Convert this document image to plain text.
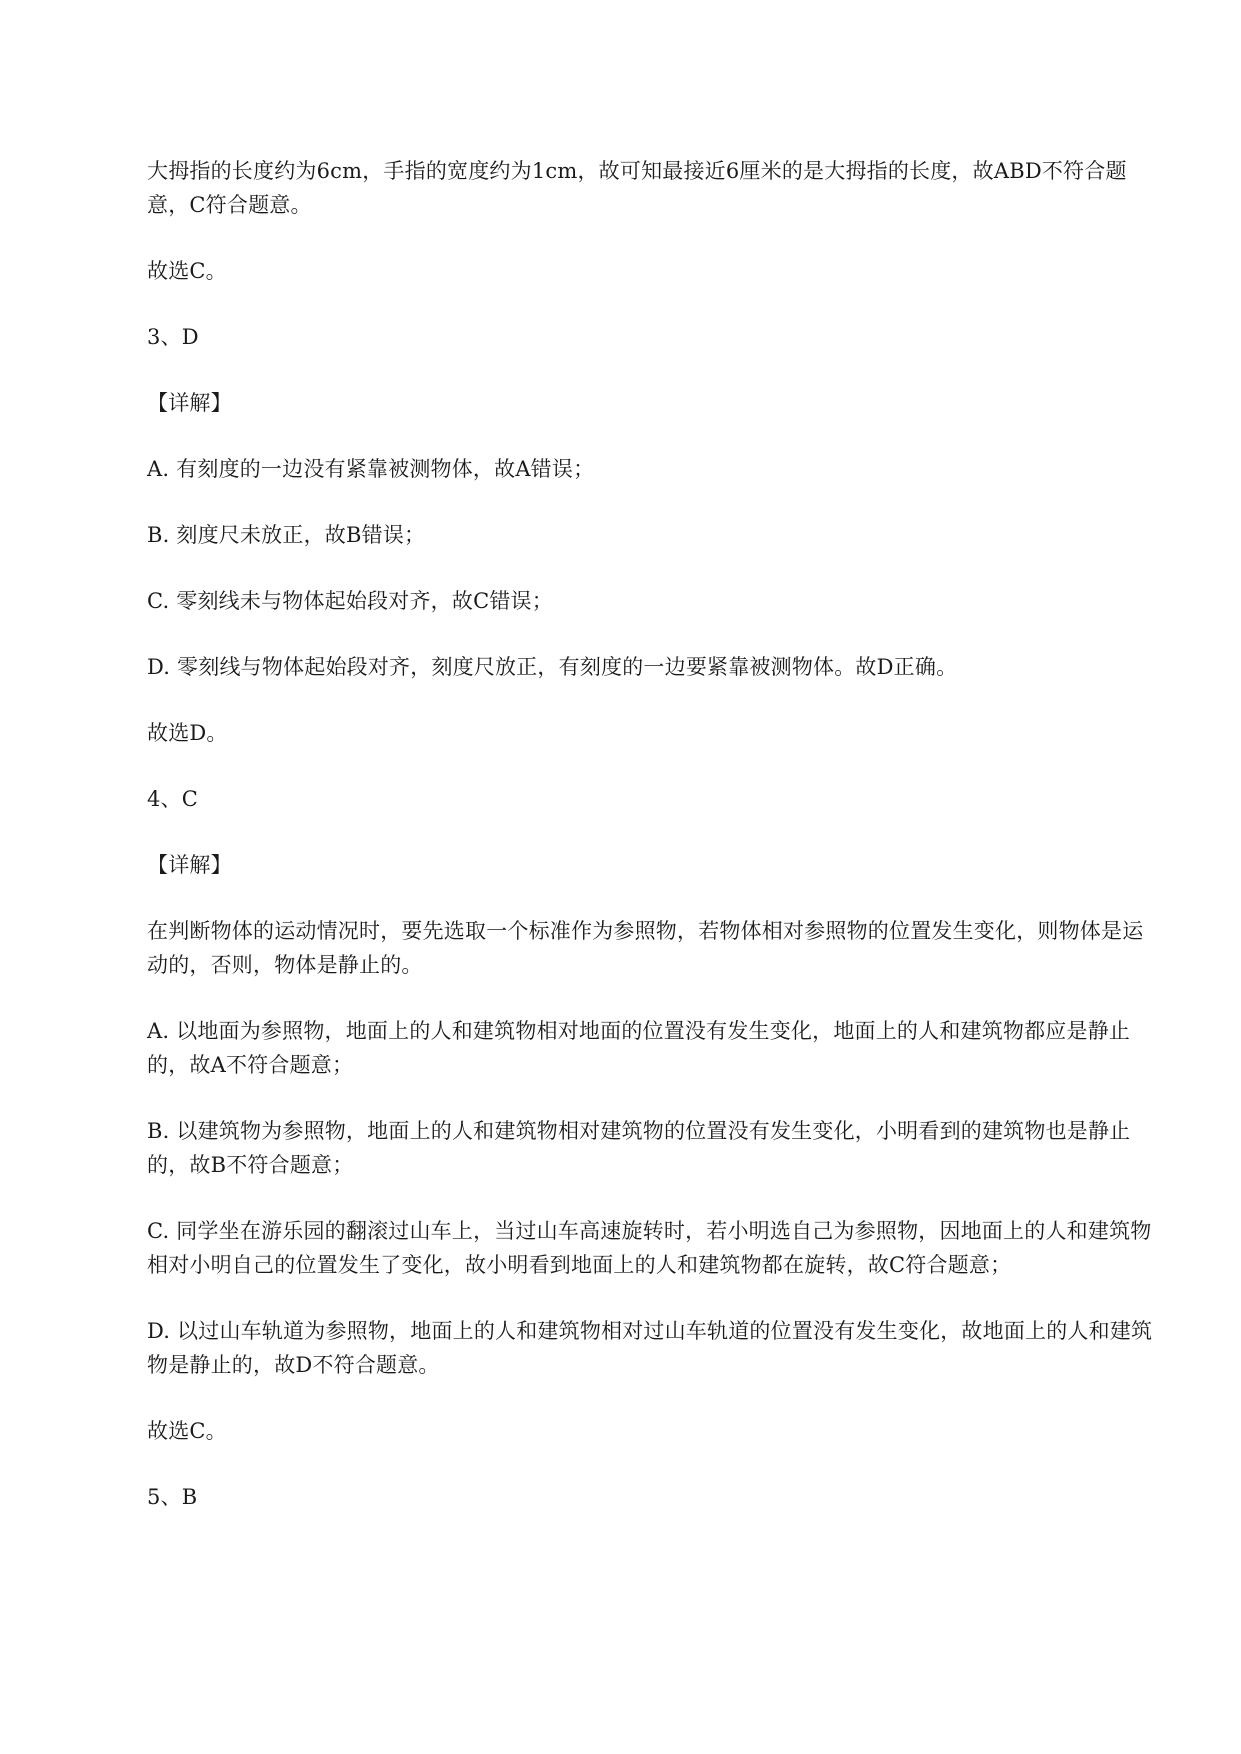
大拇指的长度约为6cm，手指的宽度约为1cm，故可知最接近6厘米的是大拇指的长度，故ABD不符合题意，C符合题意。
故选C。
3、D
【详解】
A. 有刻度的一边没有紧靠被测物体，故A错误；
B. 刻度尺未放正，故B错误；
C. 零刻线未与物体起始段对齐，故C错误；
D. 零刻线与物体起始段对齐，刻度尺放正，有刻度的一边要紧靠被测物体。故D正确。
故选D。
4、C
【详解】
在判断物体的运动情况时，要先选取一个标准作为参照物，若物体相对参照物的位置发生变化，则物体是运动的，否则，物体是静止的。
A. 以地面为参照物，地面上的人和建筑物相对地面的位置没有发生变化，地面上的人和建筑物都应是静止的，故A不符合题意；
B. 以建筑物为参照物，地面上的人和建筑物相对建筑物的位置没有发生变化，小明看到的建筑物也是静止的，故B不符合题意；
C. 同学坐在游乐园的翻滚过山车上，当过山车高速旋转时，若小明选自己为参照物，因地面上的人和建筑物相对小明自己的位置发生了变化，故小明看到地面上的人和建筑物都在旋转，故C符合题意；
D. 以过山车轨道为参照物，地面上的人和建筑物相对过山车轨道的位置没有发生变化，故地面上的人和建筑物是静止的，故D不符合题意。
故选C。
5、B
